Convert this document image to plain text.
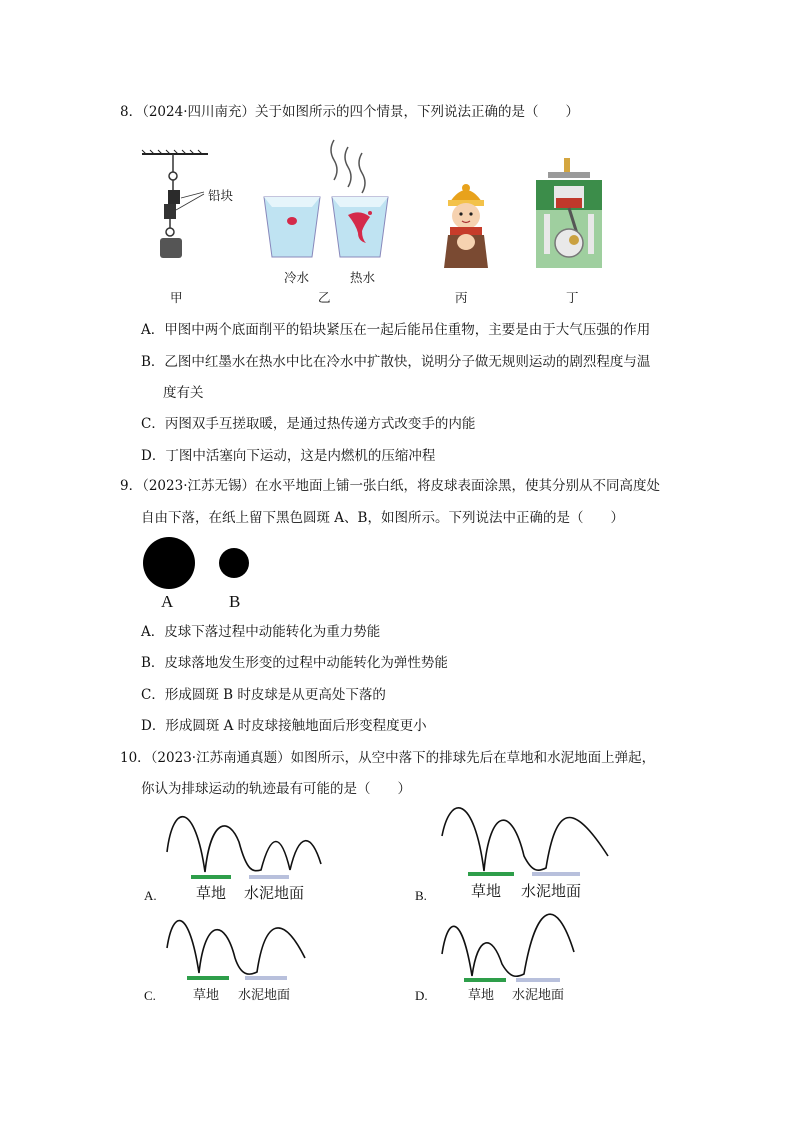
8．（2024·四川南充）关于如图所示的四个情景，下列说法正确的是（　　）
铅块
冷水	热水
甲	乙	丙	丁
A．甲图中两个底面削平的铅块紧压在一起后能吊住重物，主要是由于大气压强的作用
B．乙图中红墨水在热水中比在冷水中扩散快，说明分子做无规则运动的剧烈程度与温
度有关
C．丙图双手互搓取暖，是通过热传递方式改变手的内能
D．丁图中活塞向下运动，这是内燃机的压缩冲程
9．（2023·江苏无锡）在水平地面上铺一张白纸，将皮球表面涂黑，使其分别从不同高度处
自由下落，在纸上留下黑色圆斑 A、B，如图所示。下列说法中正确的是（　　）
A	B
A．皮球下落过程中动能转化为重力势能
B．皮球落地发生形变的过程中动能转化为弹性势能
C．形成圆斑 B 时皮球是从更高处下落的
D．形成圆斑 A 时皮球接触地面后形变程度更小
10．（2023·江苏南通真题）如图所示，从空中落下的排球先后在草地和水泥地面上弹起，
你认为排球运动的轨迹最有可能的是（　　）
草地 水泥地面
A.	草地 水泥地面
B.
草地 水泥地面
C.	草地 水泥地面
D.
